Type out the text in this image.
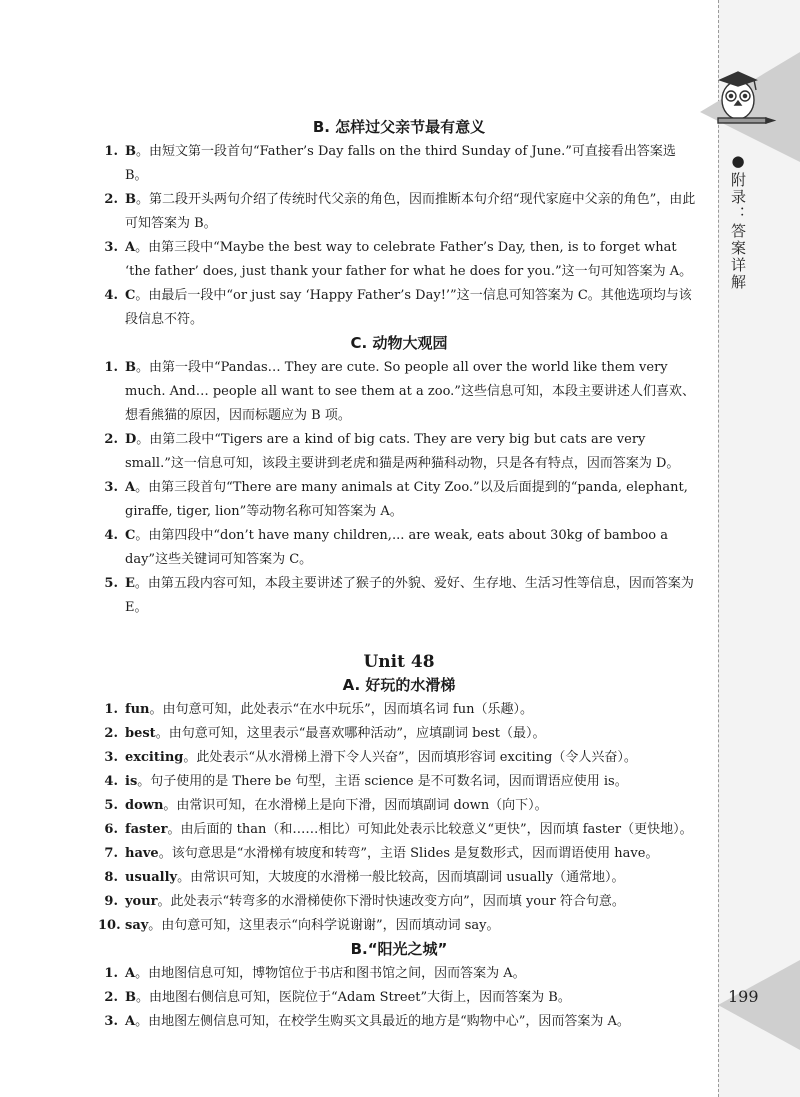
●附录：答案详解
199
B. 怎样过父亲节最有意义
1. B。由短文第一段首句“Father’s Day falls on the third Sunday of June.”可直接看出答案选 B。
2. B。第二段开头两句介绍了传统时代父亲的角色，因而推断本句介绍“现代家庭中父亲的角色”，由此可知答案为 B。
3. A。由第三段中“Maybe the best way to celebrate Father’s Day, then, is to forget what ‘the father’ does, just thank your father for what he does for you.”这一句可知答案为 A。
4. C。由最后一段中“or just say ‘Happy Father’s Day!’”这一信息可知答案为 C。其他选项均与该段信息不符。
C. 动物大观园
1. B。由第一段中“Pandas… They are cute. So people all over the world like them very much. And… people all want to see them at a zoo.”这些信息可知，本段主要讲述人们喜欢、想看熊猫的原因，因而标题应为 B 项。
2. D。由第二段中“Tigers are a kind of big cats. They are very big but cats are very small.”这一信息可知，该段主要讲到老虎和猫是两种猫科动物，只是各有特点，因而答案为 D。
3. A。由第三段首句“There are many animals at City Zoo.”以及后面提到的“panda, elephant, giraffe, tiger, lion”等动物名称可知答案为 A。
4. C。由第四段中“don’t have many children,... are weak, eats about 30kg of bamboo a day”这些关键词可知答案为 C。
5. E。由第五段内容可知，本段主要讲述了猴子的外貌、爱好、生存地、生活习性等信息，因而答案为 E。
Unit 48
A. 好玩的水滑梯
1. fun。由句意可知，此处表示“在水中玩乐”，因而填名词 fun（乐趣）。
2. best。由句意可知，这里表示“最喜欢哪种活动”，应填副词 best（最）。
3. exciting。此处表示“从水滑梯上滑下令人兴奋”，因而填形容词 exciting（令人兴奋）。
4. is。句子使用的是 There be 句型，主语 science 是不可数名词，因而谓语应使用 is。
5. down。由常识可知，在水滑梯上是向下滑，因而填副词 down（向下）。
6. faster。由后面的 than（和……相比）可知此处表示比较意义“更快”，因而填 faster（更快地）。
7. have。该句意思是“水滑梯有坡度和转弯”，主语 Slides 是复数形式，因而谓语使用 have。
8. usually。由常识可知，大坡度的水滑梯一般比较高，因而填副词 usually（通常地）。
9. your。此处表示“转弯多的水滑梯使你下滑时快速改变方向”，因而填 your 符合句意。
10. say。由句意可知，这里表示“向科学说谢谢”，因而填动词 say。
B.“阳光之城”
1. A。由地图信息可知，博物馆位于书店和图书馆之间，因而答案为 A。
2. B。由地图右侧信息可知，医院位于“Adam Street”大街上，因而答案为 B。
3. A。由地图左侧信息可知，在校学生购买文具最近的地方是“购物中心”，因而答案为 A。
